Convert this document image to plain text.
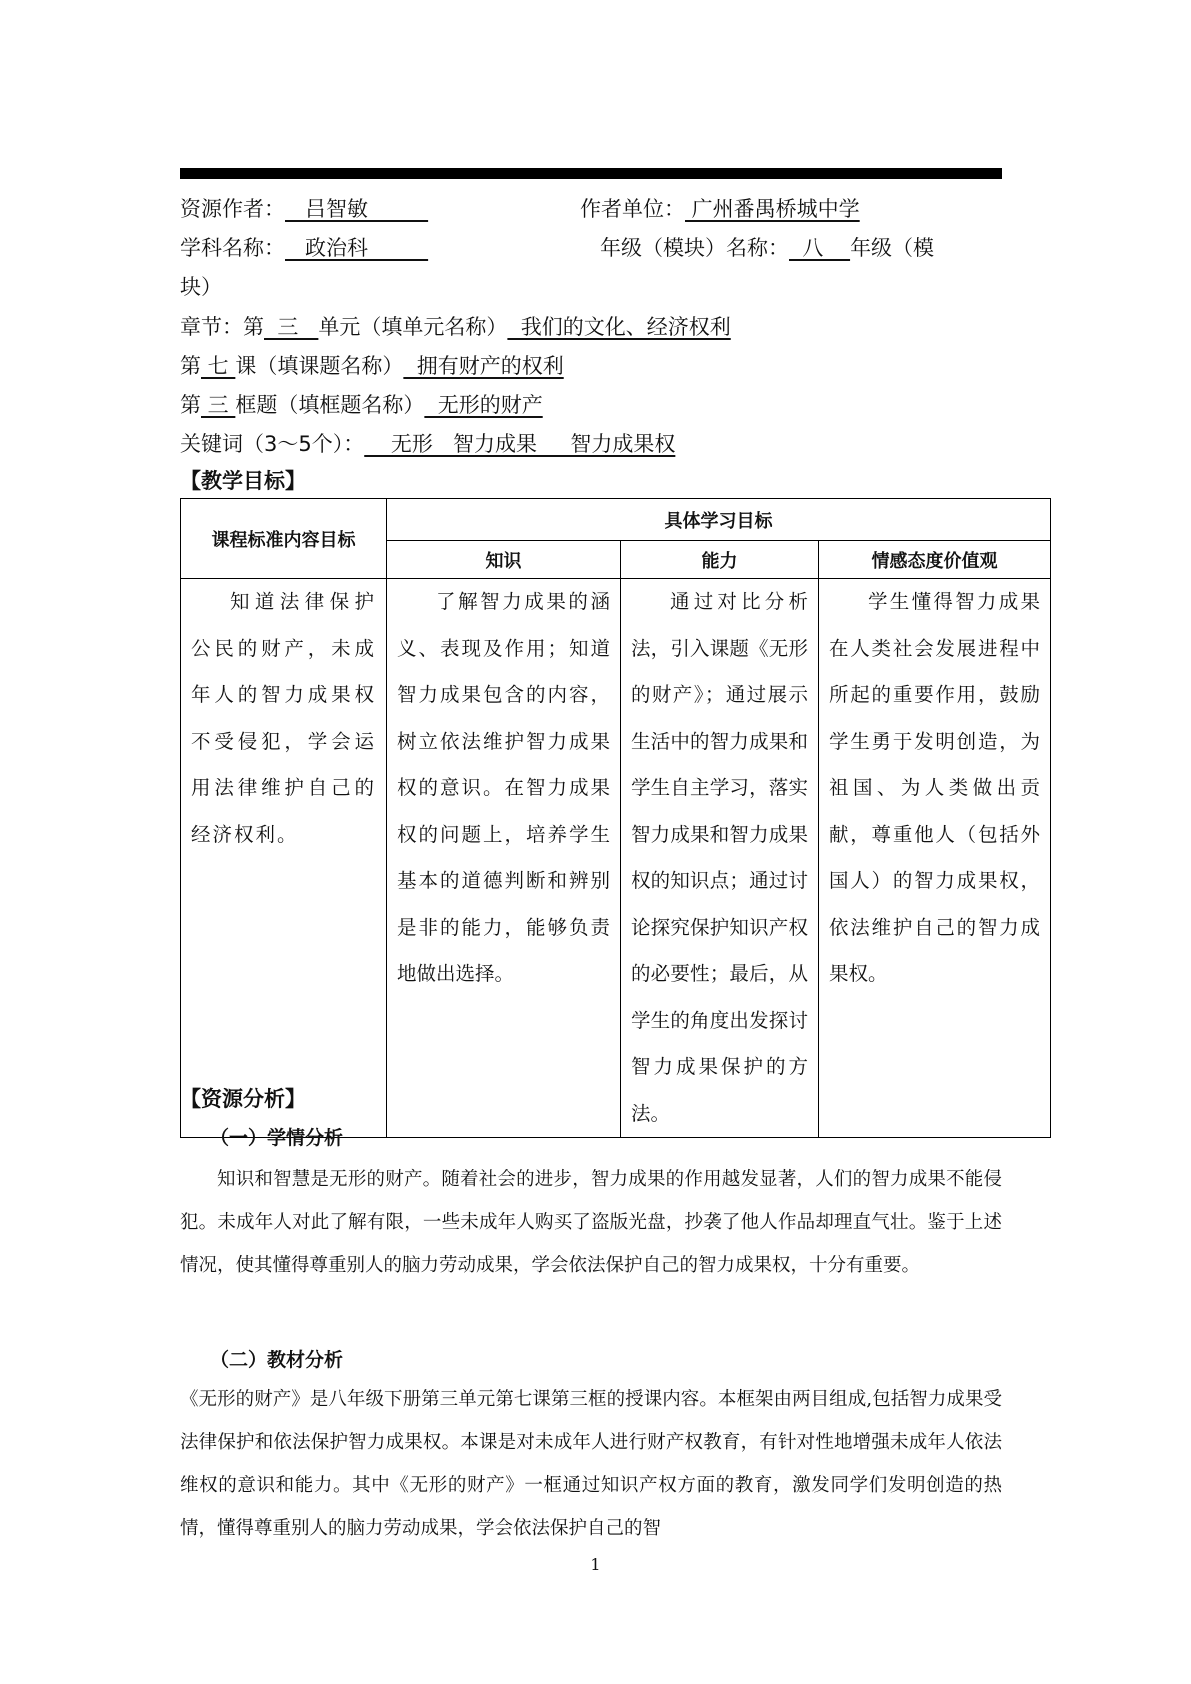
资源作者：   吕智敏	作者单位： 广州番禺桥城中学
学科名称：   政治科	年级（模块）名称：  八    年级（模
块）
章节：第  三   单元（填单元名称）  我们的文化、经济权利
第 七 课（填课题名称）  拥有财产的权利
第 三 框题（填框题名称）  无形的财产
关键词（3～5个）：    无形   智力成果     智力成果权
【教学目标】
课程标准内容目标	具体学习目标		
	知识	能力	情感态度价值观
知道法律保护公民的财产，未成年人的智力成果权不受侵犯，学会运用法律维护自己的经济权利。	了解智力成果的涵义、表现及作用；知道智力成果包含的内容，树立依法维护智力成果权的意识。在智力成果权的问题上，培养学生基本的道德判断和辨别是非的能力，能够负责地做出选择。	通过对比分析法，引入课题《无形的财产》；通过展示生活中的智力成果和学生自主学习，落实智力成果和智力成果权的知识点；通过讨论探究保护知识产权的必要性；最后，从学生的角度出发探讨智力成果保护的方法。	学生懂得智力成果在人类社会发展进程中所起的重要作用，鼓励学生勇于发明创造，为祖国、为人类做出贡献，尊重他人（包括外国人）的智力成果权，依法维护自己的智力成果权。
【资源分析】
（一）学情分析
知识和智慧是无形的财产。随着社会的进步，智力成果的作用越发显著，人们的智力成果不能侵犯。未成年人对此了解有限，一些未成年人购买了盗版光盘，抄袭了他人作品却理直气壮。鉴于上述情况，使其懂得尊重别人的脑力劳动成果，学会依法保护自己的智力成果权，十分有重要。
（二）教材分析
《无形的财产》是八年级下册第三单元第七课第三框的授课内容。本框架由两目组成,包括智力成果受法律保护和依法保护智力成果权。本课是对未成年人进行财产权教育，有针对性地增强未成年人依法维权的意识和能力。其中《无形的财产》一框通过知识产权方面的教育，激发同学们发明创造的热情，懂得尊重别人的脑力劳动成果，学会依法保护自己的智
1
